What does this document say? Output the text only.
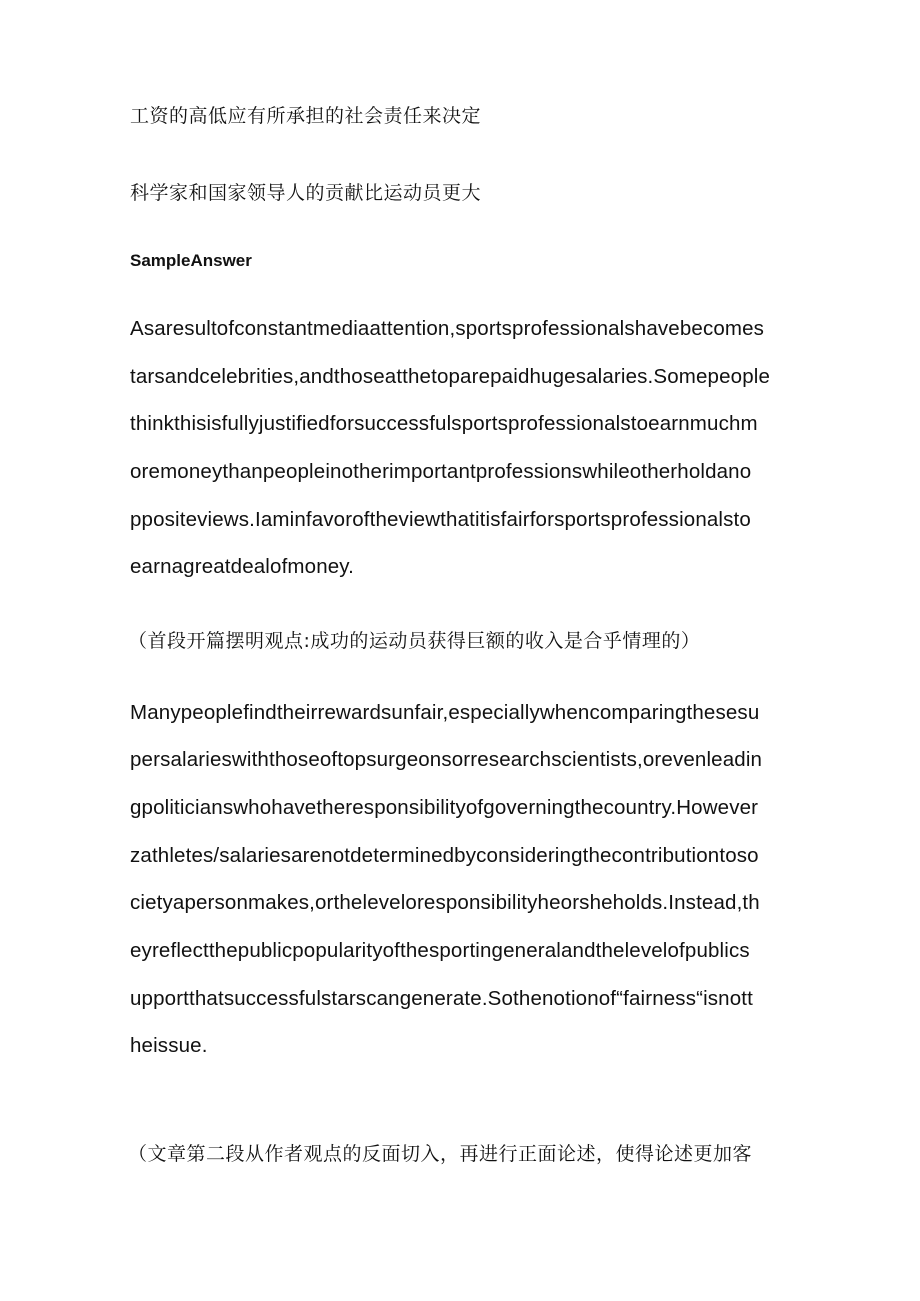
工资的高低应有所承担的社会责任来决定
科学家和国家领导人的贡献比运动员更大
SampleAnswer
Asaresultofconstantmediaattention,sportsprofessionalshavebecomes
tarsandcelebrities,andthoseatthetoparepaidhugesalaries.Somepeople
thinkthisisfullyjustifiedforsuccessfulsportsprofessionalstoearnmuchm
oremoneythanpeopleinotherimportantprofessionswhileotherholdano
ppositeviews.Iaminfavoroftheviewthatitisfairforsportsprofessionalsto
earnagreatdealofmoney.
（首段开篇摆明观点:成功的运动员获得巨额的收入是合乎情理的）
Manypeoplefindtheirrewardsunfair,especiallywhencomparingthesesu
persalarieswiththoseoftopsurgeonsorresearchscientists,orevenleadin
gpoliticianswhohavetheresponsibilityofgoverningthecountry.However
zathletes/salariesarenotdeterminedbyconsideringthecontributiontoso
cietyapersonmakes,ortheleveloresponsibilityheorsheholds.Instead,th
eyreflectthepublicpopularityofthesportingeneralandthelevelofpublics
upportthatsuccessfulstarscangenerate.Sothenotionof“fairness“isnott
heissue.
（文章第二段从作者观点的反面切入，再进行正面论述，使得论述更加客
